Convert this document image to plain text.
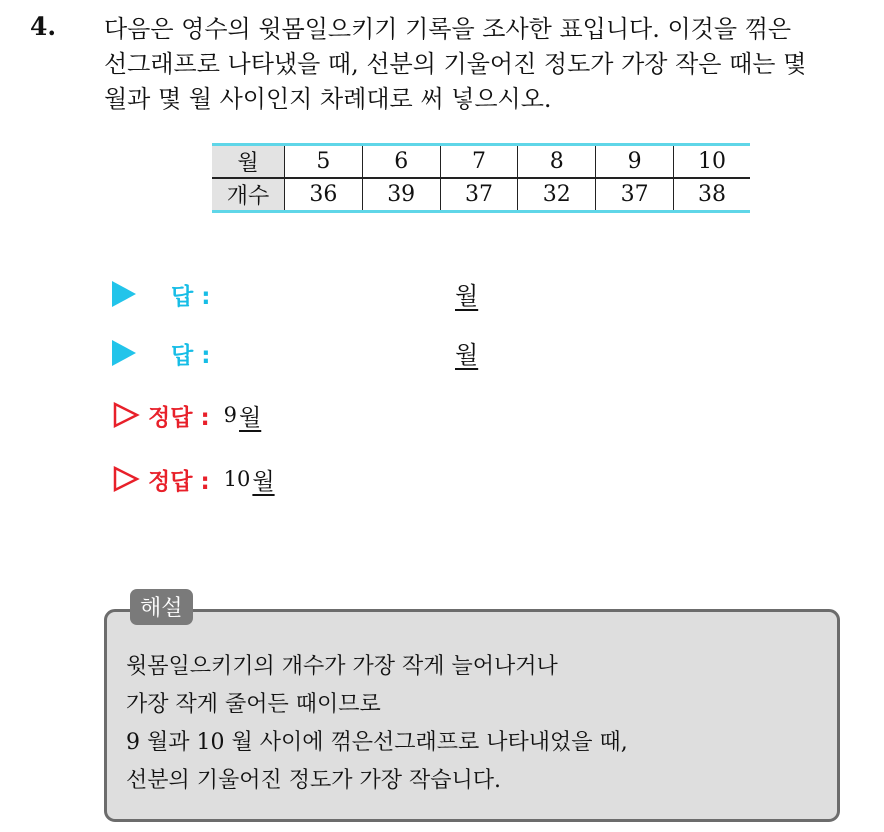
4. 다음은 영수의 윗몸일으키기 기록을 조사한 표입니다. 이것을 꺾은
선그래프로 나타냈을 때, 선분의 기울어진 정도가 가장 작은 때는 몇
월과 몇 월 사이인지 차례대로 써 넣으시오.
월	5	6	7	8	9	10
개수	36	39	37	32	37	38
답 :	월
답 :	월
정답 : 9 월
정답 : 10 월
해설
윗몸일으키기의 개수가 가장 작게 늘어나거나
가장 작게 줄어든 때이므로
9 월과 10 월 사이에 꺾은선그래프로 나타내었을 때,
선분의 기울어진 정도가 가장 작습니다.
